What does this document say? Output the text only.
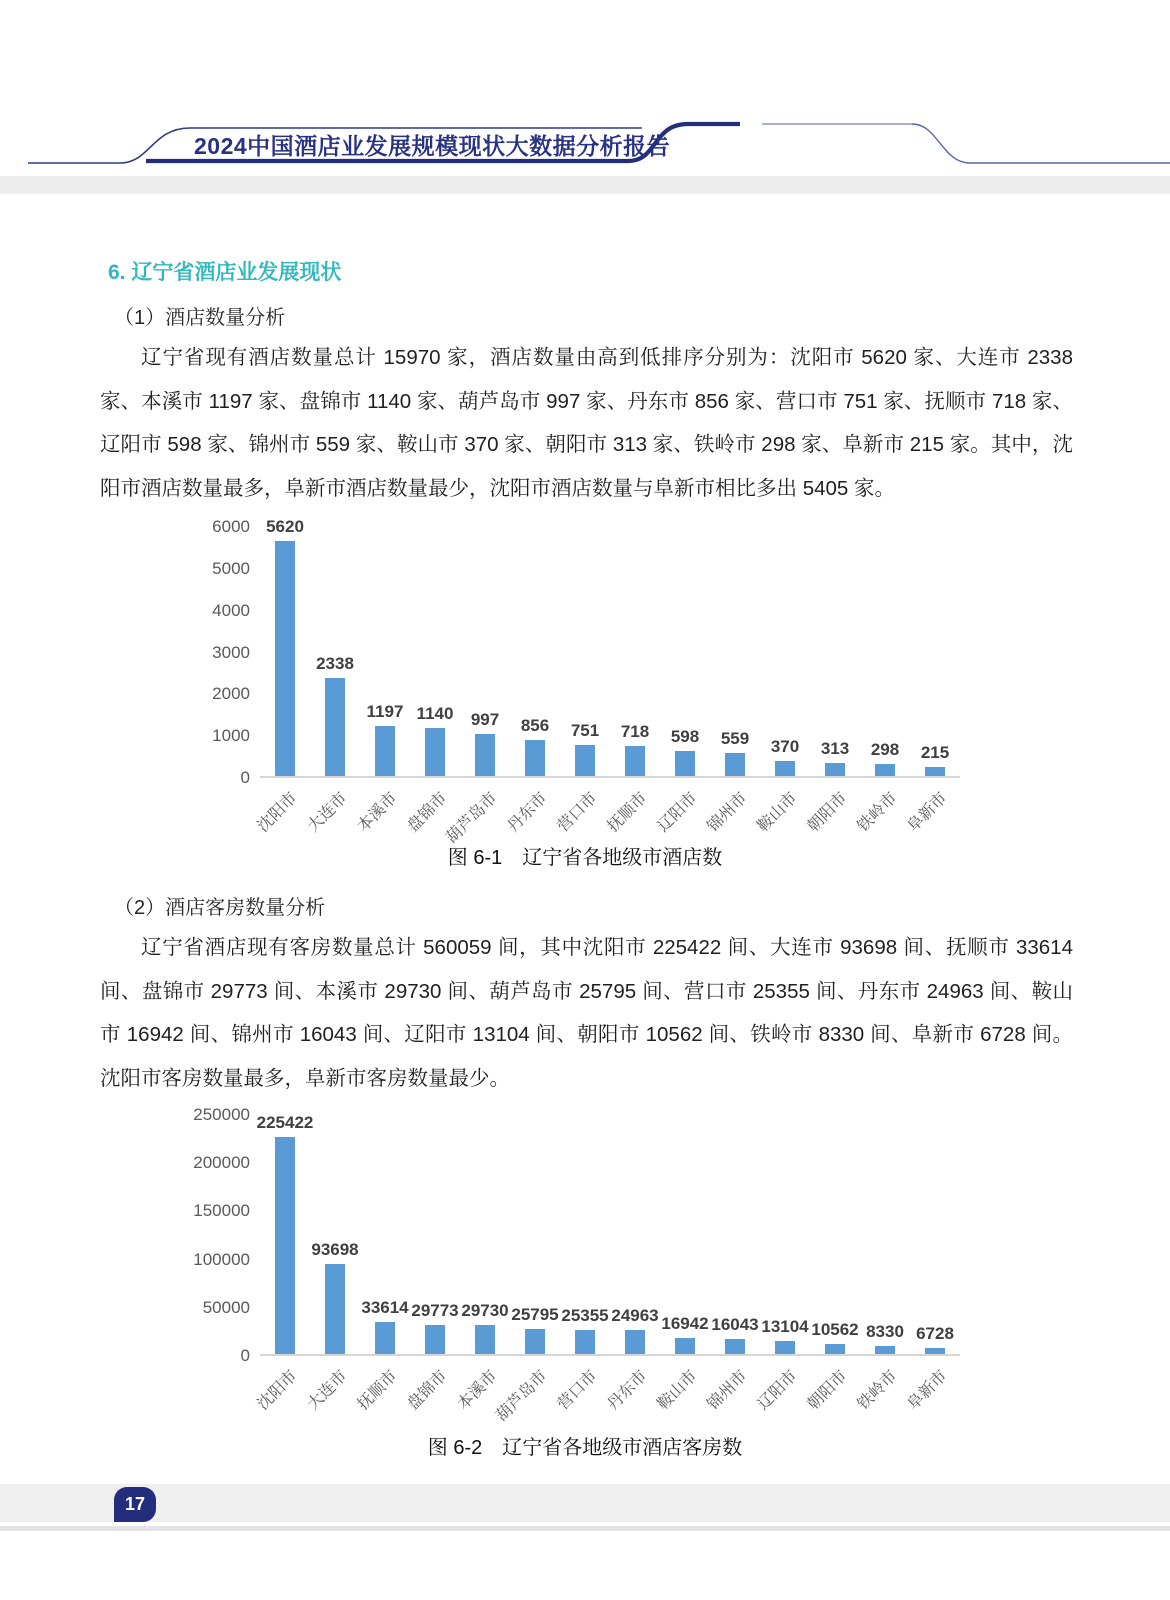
2024中国酒店业发展规模现状大数据分析报告
6. 辽宁省酒店业发展现状
（1）酒店数量分析
辽宁省现有酒店数量总计 15970 家，酒店数量由高到低排序分别为：沈阳市 5620 家、大连市 2338 家、本溪市 1197 家、盘锦市 1140 家、葫芦岛市 997 家、丹东市 856 家、营口市 751 家、抚顺市 718 家、辽阳市 598 家、锦州市 559 家、鞍山市 370 家、朝阳市 313 家、铁岭市 298 家、阜新市 215 家。其中，沈阳市酒店数量最多，阜新市酒店数量最少，沈阳市酒店数量与阜新市相比多出 5405 家。
0
1000
2000
3000
4000
5000
6000 5620
沈阳市
2338
大连市
1197
本溪市
1140
盘锦市
997
葫芦岛市
856
丹东市
751
营口市
718
抚顺市
598
辽阳市
559
锦州市
370
鞍山市
313
朝阳市
298
铁岭市
215
阜新市
图 6-1　辽宁省各地级市酒店数
（2）酒店客房数量分析
辽宁省酒店现有客房数量总计 560059 间，其中沈阳市 225422 间、大连市 93698 间、抚顺市 33614 间、盘锦市 29773 间、本溪市 29730 间、葫芦岛市 25795 间、营口市 25355 间、丹东市 24963 间、鞍山市 16942 间、锦州市 16043 间、辽阳市 13104 间、朝阳市 10562 间、铁岭市 8330 间、阜新市 6728 间。沈阳市客房数量最多，阜新市客房数量最少。
0
50000
100000
150000
200000
250000 225422
沈阳市
93698
大连市
33614
抚顺市
29773
盘锦市
29730
本溪市
25795
葫芦岛市
25355
营口市
24963
丹东市
16942
鞍山市
16043
锦州市
13104
辽阳市
10562
朝阳市
8330
铁岭市
6728
阜新市
图 6-2　辽宁省各地级市酒店客房数
17
